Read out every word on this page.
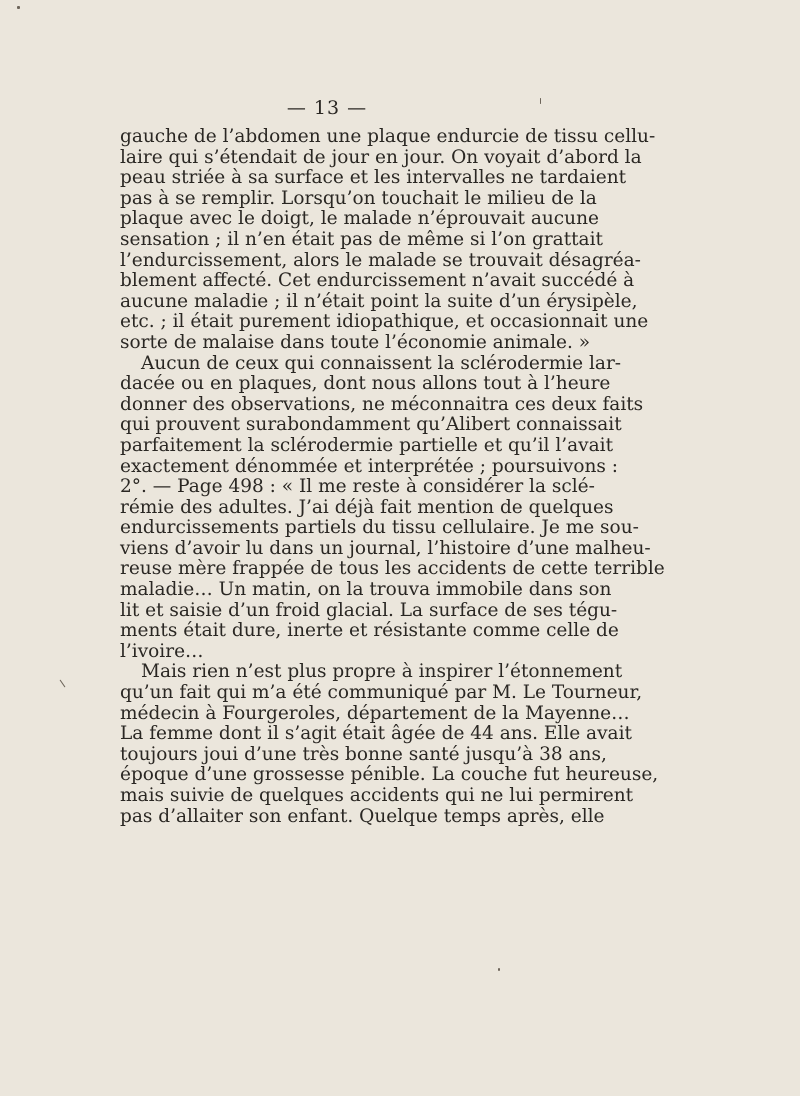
— 13 —
gauche de l’abdomen une plaque endurcie de tissu cellu-
laire qui s’étendait de jour en jour. On voyait d’abord la
peau striée à sa surface et les intervalles ne tardaient
pas à se remplir. Lorsqu’on touchait le milieu de la
plaque avec le doigt, le malade n’éprouvait aucune
sensation ; il n’en était pas de même si l’on grattait
l’endurcissement, alors le malade se trouvait désagréa-
blement affecté. Cet endurcissement n’avait succédé à
aucune maladie ; il n’était point la suite d’un érysipèle,
etc. ; il était purement idiopathique, et occasionnait une
sorte de malaise dans toute l’économie animale. »
Aucun de ceux qui connaissent la sclérodermie lar-
dacée ou en plaques, dont nous allons tout à l’heure
donner des observations, ne méconnaitra ces deux faits
qui prouvent surabondamment qu’Alibert connaissait
parfaitement la sclérodermie partielle et qu’il l’avait
exactement dénommée et interprétée ; poursuivons :
2°. — Page 498 : « Il me reste à considérer la sclé-
rémie des adultes. J’ai déjà fait mention de quelques
endurcissements partiels du tissu cellulaire. Je me sou-
viens d’avoir lu dans un journal, l’histoire d’une malheu-
reuse mère frappée de tous les accidents de cette terrible
maladie… Un matin, on la trouva immobile dans son
lit et saisie d’un froid glacial. La surface de ses tégu-
ments était dure, inerte et résistante comme celle de
l’ivoire…
Mais rien n’est plus propre à inspirer l’étonnement
qu’un fait qui m’a été communiqué par M. Le Tourneur,
médecin à Fourgeroles, département de la Mayenne…
La femme dont il s’agit était âgée de 44 ans. Elle avait
toujours joui d’une très bonne santé jusqu’à 38 ans,
époque d’une grossesse pénible. La couche fut heureuse,
mais suivie de quelques accidents qui ne lui permirent
pas d’allaiter son enfant. Quelque temps après, elle
